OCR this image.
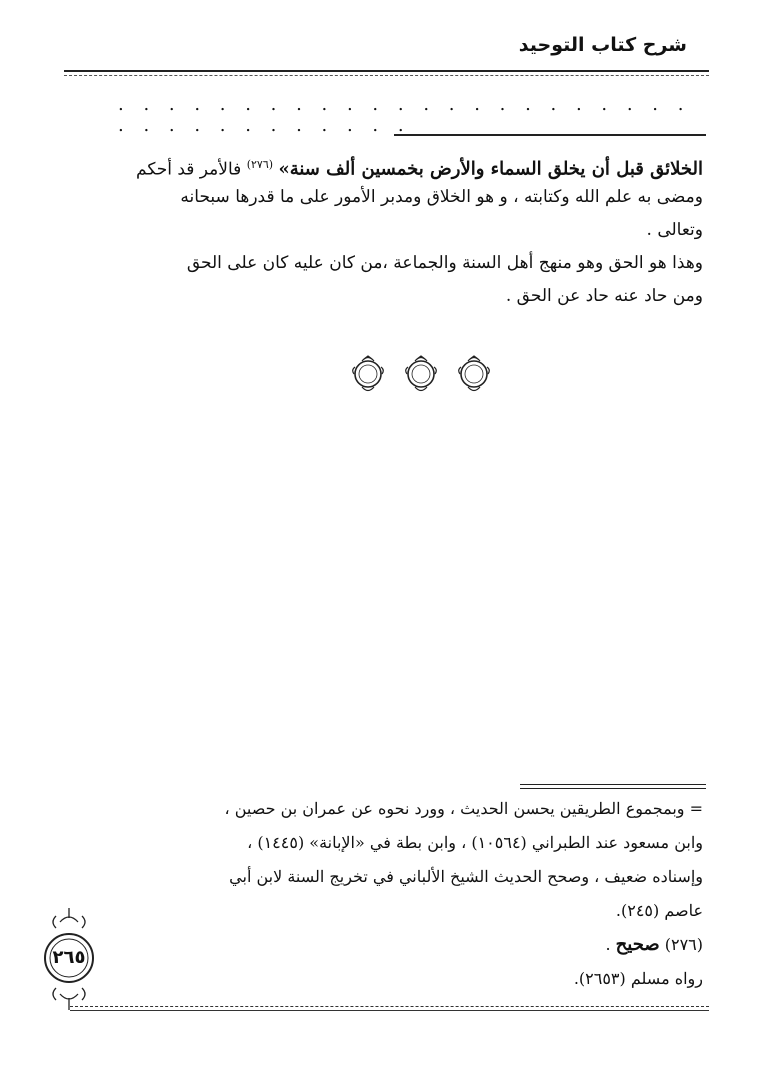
شرح كتاب التوحيد
. . . . . . . . . . . . . . . . . . . . . . . . . . . . . . . . . . .
الخلائق قبل أن يخلق السماء والأرض بخمسين ألف سنة» $^{(٢٧٦)}$ فالأمر قد أحكم
ومضى به علم الله وكتابته ، و هو الخلاق ومدبر الأمور على ما قدرها سبحانه
وتعالى .
وهذا هو الحق وهو منهج أهل السنة والجماعة ،من كان عليه كان على الحق
ومن حاد عنه حاد عن الحق .
= وبمجموع الطريقين يحسن الحديث ، وورد نحوه عن عمران بن حصين ،
وابن مسعود عند الطبراني (١٠٥٦٤) ، وابن بطة في «الإبانة» (١٤٤٥) ،
وإسناده ضعيف ، وصحح الحديث الشيخ الألباني في تخريج السنة لابن أبي
عاصم (٢٤٥).
(٢٧٦) صحيح .
رواه مسلم (٢٦٥٣).
٢٦٥
